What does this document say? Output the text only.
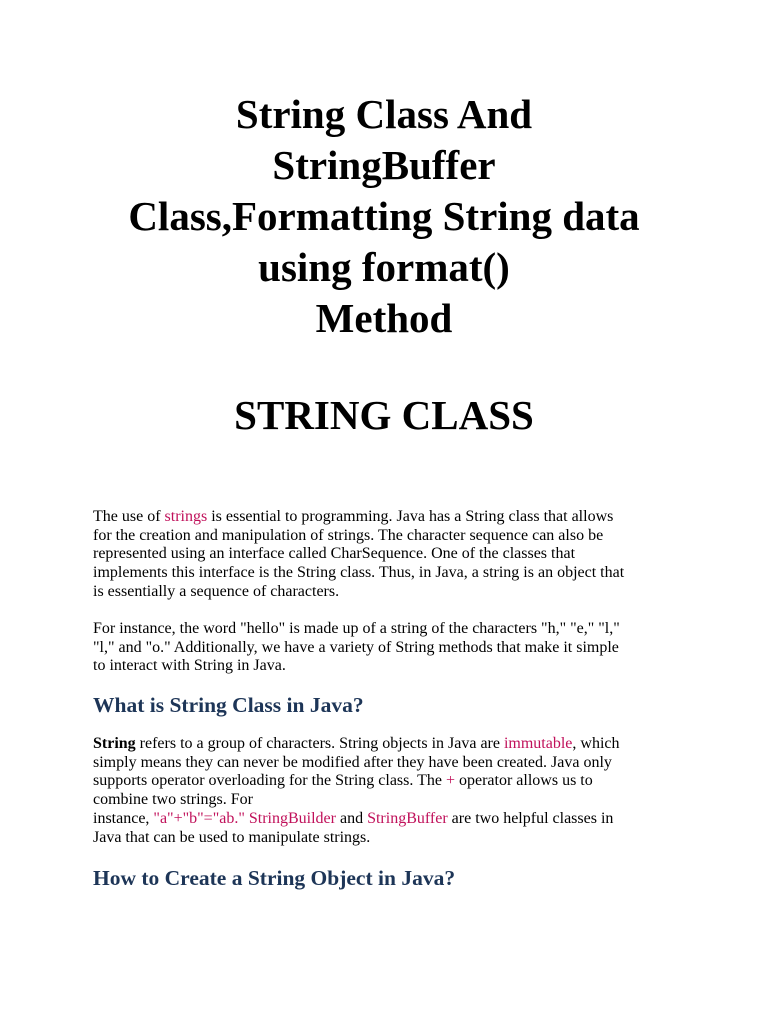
String Class And
StringBuffer
Class,Formatting String data
using format()
Method
STRING CLASS

The use of strings is essential to programming. Java has a String class that allows
for the creation and manipulation of strings. The character sequence can also be
represented using an interface called CharSequence. One of the classes that
implements this interface is the String class. Thus, in Java, a string is an object that
is essentially a sequence of characters.

For instance, the word "hello" is made up of a string of the characters "h," "e," "l,"
"l," and "o." Additionally, we have a variety of String methods that make it simple
to interact with String in Java.

What is String Class in Java?

String refers to a group of characters. String objects in Java are immutable, which
simply means they can never be modified after they have been created. Java only
supports operator overloading for the String class. The + operator allows us to
combine two strings. For
instance, "a"+"b"="ab." StringBuilder and StringBuffer are two helpful classes in
Java that can be used to manipulate strings.

How to Create a String Object in Java?
